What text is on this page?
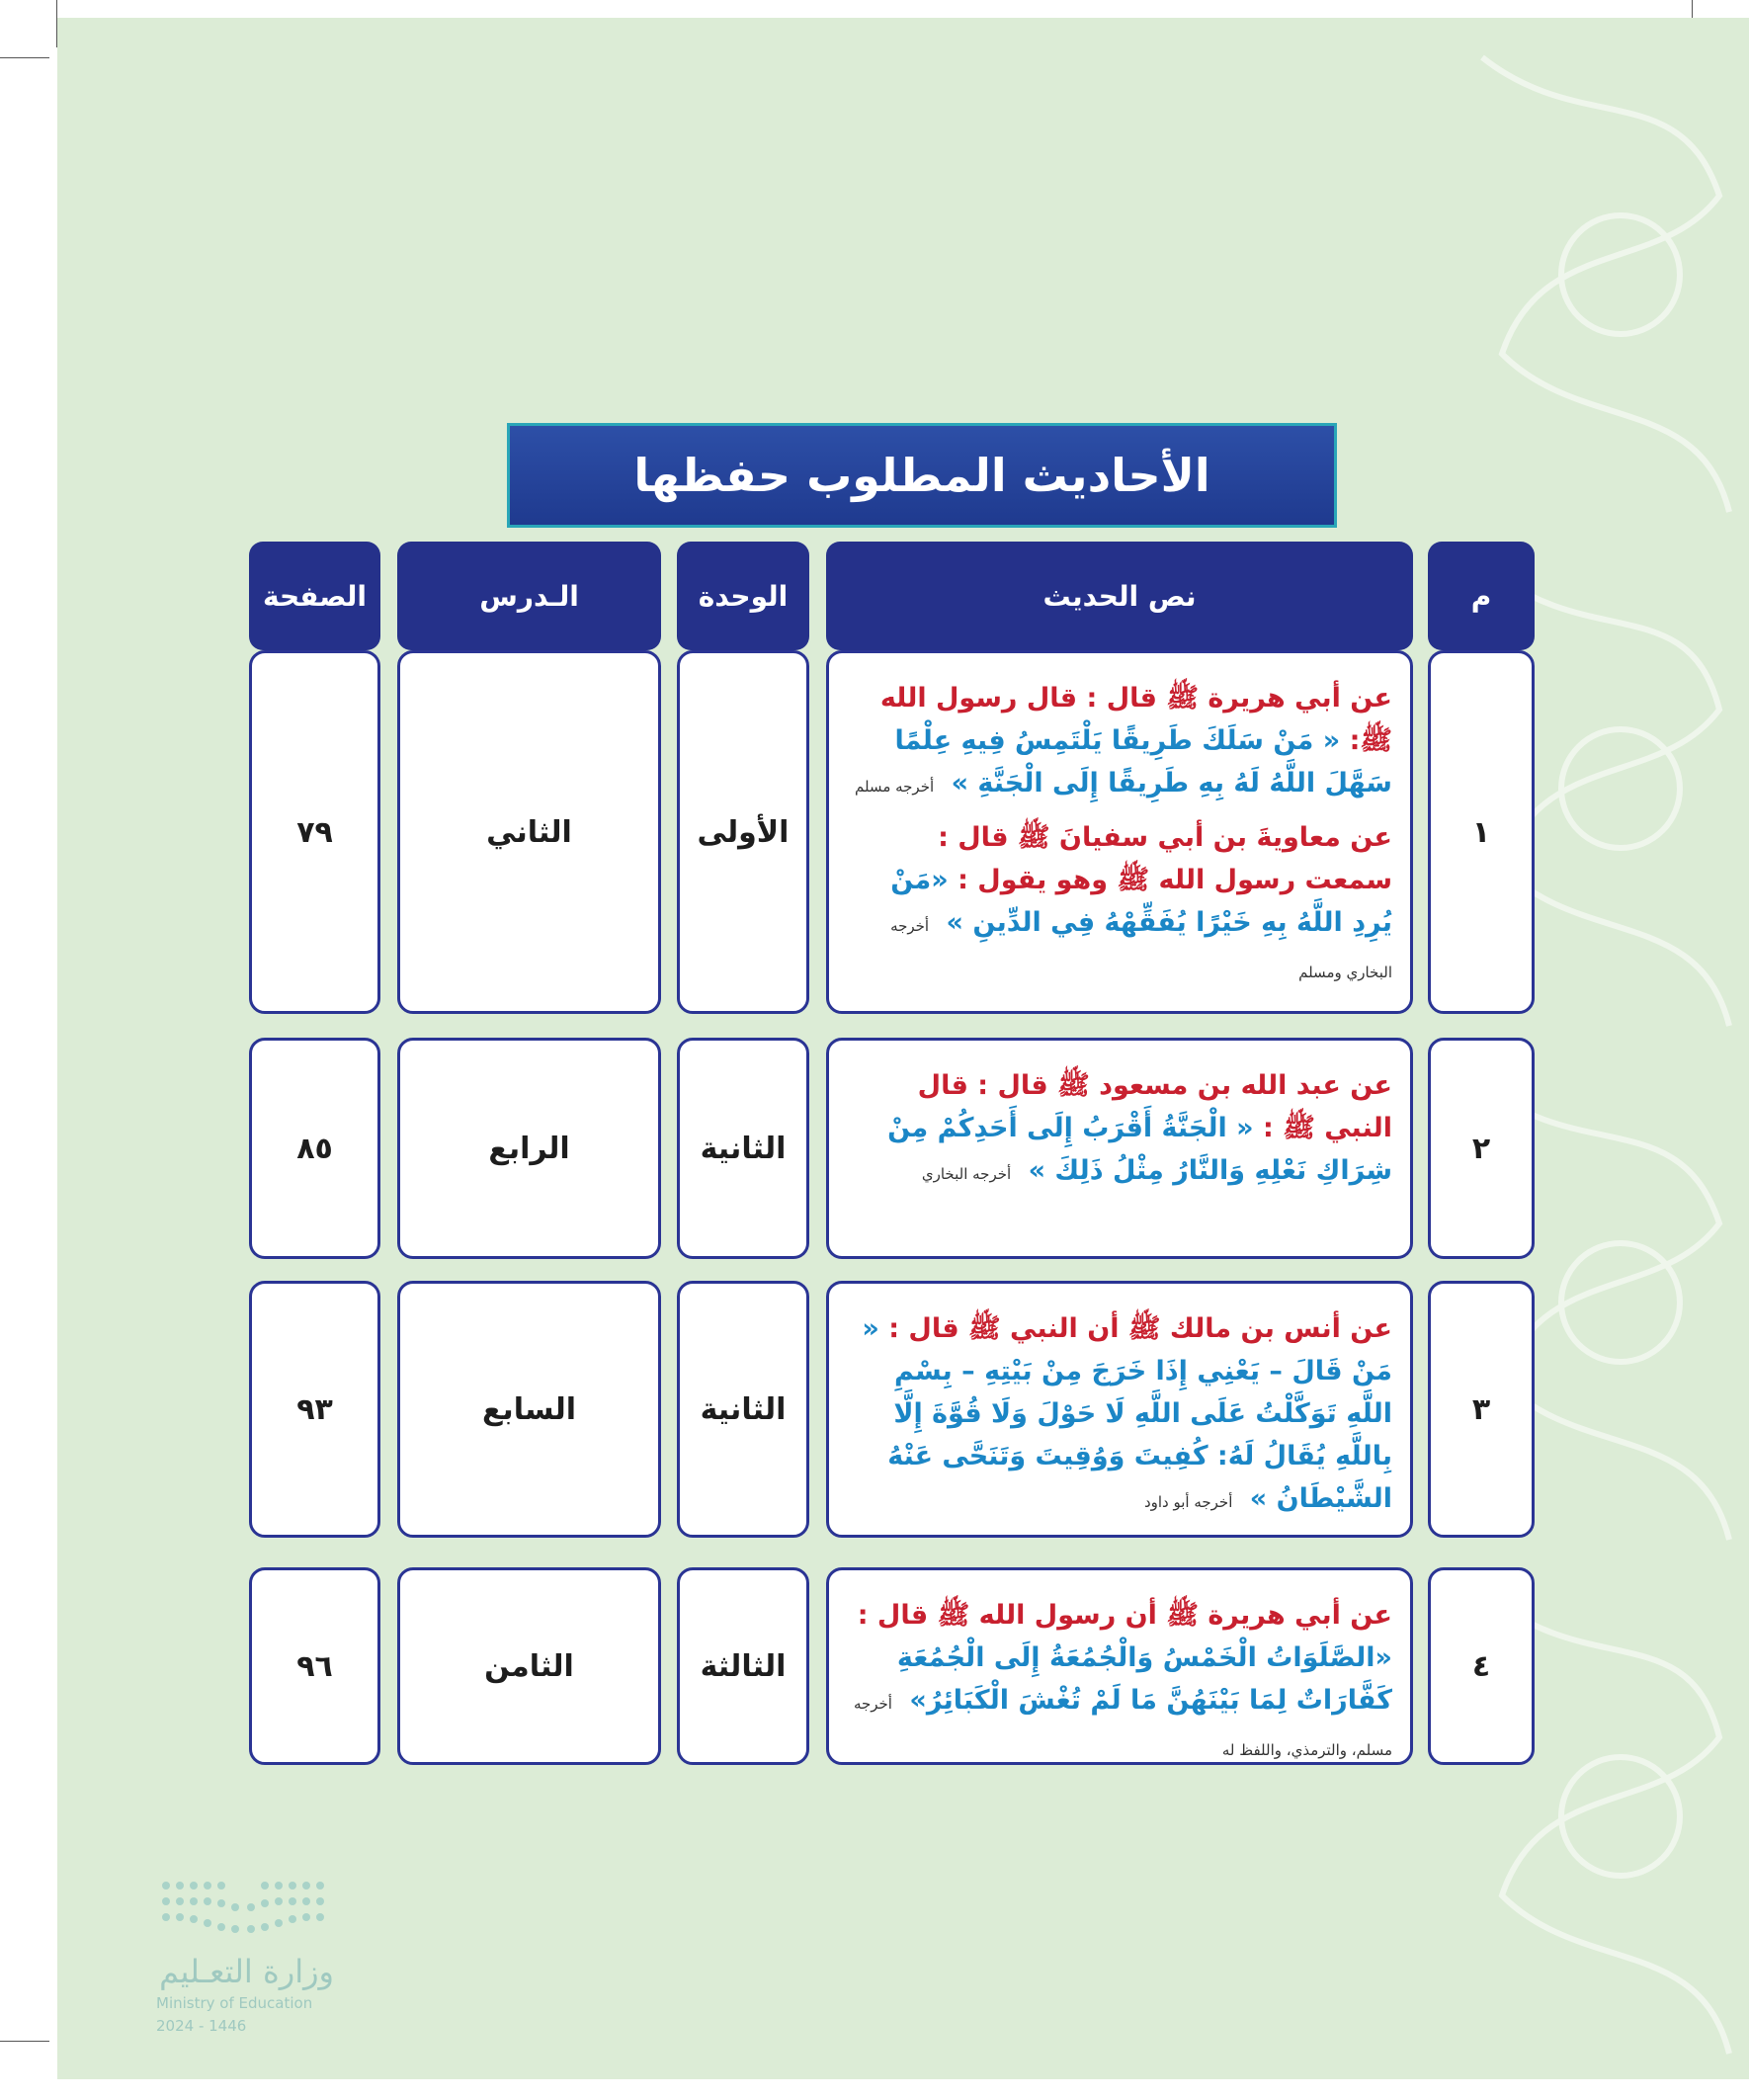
الأحاديث المطلوب حفظها
م
نص الحديث
الوحدة
الـدرس
الصفحة
١

عن أبي هريرة ﷺ قال : قال رسول الله ﷺ: « مَنْ سَلَكَ طَرِيقًا يَلْتَمِسُ فِيهِ عِلْمًا سَهَّلَ اللَّهُ لَهُ بِهِ طَرِيقًا إِلَى الْجَنَّةِ » أخرجه مسلم

عن معاويةَ بن أبي سفيانَ ﷺ قال : سمعت رسول الله ﷺ وهو يقول : «مَنْ يُرِدِ اللَّهُ بِهِ خَيْرًا يُفَقِّهْهُ فِي الدِّينِ » أخرجه البخاري ومسلم

الأولى
الثاني
٧٩
٢

عن عبد الله بن مسعود ﷺ قال : قال النبي ﷺ : « الْجَنَّةُ أَقْرَبُ إِلَى أَحَدِكُمْ مِنْ شِرَاكِ نَعْلِهِ وَالنَّارُ مِثْلُ ذَلِكَ » أخرجه البخاري

الثانية
الرابع
٨٥
٣

عن أنس بن مالك ﷺ أن النبي ﷺ قال : « مَنْ قَالَ – يَعْنِي إِذَا خَرَجَ مِنْ بَيْتِهِ – بِسْمِ اللَّهِ تَوَكَّلْتُ عَلَى اللَّهِ لَا حَوْلَ وَلَا قُوَّةَ إِلَّا بِاللَّهِ يُقَالُ لَهُ: كُفِيتَ وَوُقِيتَ وَتَنَحَّى عَنْهُ الشَّيْطَانُ » أخرجه أبو داود

الثانية
السابع
٩٣
٤

عن أبي هريرة ﷺ أن رسول الله ﷺ قال : «الصَّلَوَاتُ الْخَمْسُ وَالْجُمُعَةُ إِلَى الْجُمُعَةِ كَفَّارَاتٌ لِمَا بَيْنَهُنَّ مَا لَمْ تُغْشَ الْكَبَائِرُ» أخرجه مسلم، والترمذي، واللفظ له

الثالثة
الثامن
٩٦
وزارة التعـليم
Ministry of Education
2024 - 1446
